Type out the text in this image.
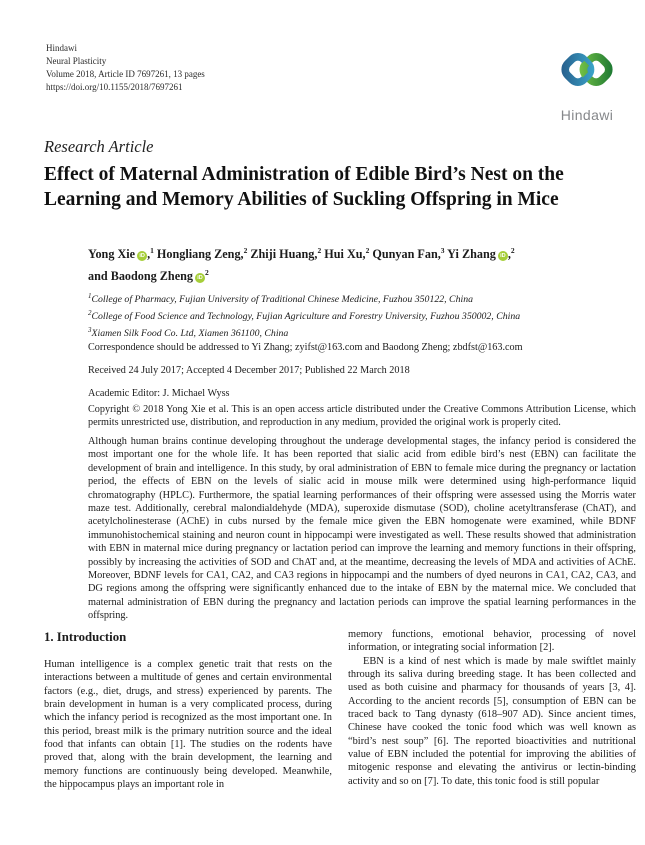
Hindawi
Neural Plasticity
Volume 2018, Article ID 7697261, 13 pages
https://doi.org/10.1155/2018/7697261
Hindawi
Research Article
Effect of Maternal Administration of Edible Bird’s Nest on the Learning and Memory Abilities of Suckling Offspring in Mice
Yong Xie iD ,$^1$ Hongliang Zeng,$^2$ Zhiji Huang,$^2$ Hui Xu,$^2$ Qunyan Fan,$^3$ Yi Zhang iD ,$^2$
and Baodong Zheng $iD^2$
$^1$College of Pharmacy, Fujian University of Traditional Chinese Medicine, Fuzhou 350122, China
$^2$College of Food Science and Technology, Fujian Agriculture and Forestry University, Fuzhou 350002, China
$^3$Xiamen Silk Food Co. Ltd, Xiamen 361100, China
Correspondence should be addressed to Yi Zhang; zyifst@163.com and Baodong Zheng; zbdfst@163.com
Received 24 July 2017; Accepted 4 December 2017; Published 22 March 2018
Academic Editor: J. Michael Wyss
Copyright © 2018 Yong Xie et al. This is an open access article distributed under the Creative Commons Attribution License, which permits unrestricted use, distribution, and reproduction in any medium, provided the original work is properly cited.
Although human brains continue developing throughout the underage developmental stages, the infancy period is considered the most important one for the whole life. It has been reported that sialic acid from edible bird’s nest (EBN) can facilitate the development of brain and intelligence. In this study, by oral administration of EBN to female mice during the pregnancy or lactation period, the effects of EBN on the levels of sialic acid in mouse milk were determined using high-performance liquid chromatography (HPLC). Furthermore, the spatial learning performances of their offspring were assessed using the Morris water maze test. Additionally, cerebral malondialdehyde (MDA), superoxide dismutase (SOD), choline acetyltransferase (ChAT), and acetylcholinesterase (AChE) in cubs nursed by the female mice given the EBN homogenate were examined, while BDNF immunohistochemical staining and neuron count in hippocampi were investigated as well. These results showed that administration with EBN in maternal mice during pregnancy or lactation period can improve the learning and memory functions in their offspring, possibly by increasing the activities of SOD and ChAT and, at the meantime, decreasing the levels of MDA and activities of AChE. Moreover, BDNF levels for CA1, CA2, and CA3 regions in hippocampi and the numbers of dyed neurons in CA1, CA2, CA3, and DG regions among the offspring were significantly enhanced due to the intake of EBN by the maternal mice. We concluded that maternal administration of EBN during the pregnancy and lactation periods can improve the spatial learning performances in the offspring.
1. Introduction

Human intelligence is a complex genetic trait that rests on the interactions between a multitude of genes and certain environmental factors (e.g., diet, drugs, and stress) experienced by parents. The brain development in human is a very complicated process, during which the infancy period is recognized as the most important one. In this period, breast milk is the primary nutrition source and the ideal food that infants can obtain [1]. The studies on the rodents have proved that, along with the brain development, the learning and memory functions are continuously being developed. Meanwhile, the hippocampus plays an important role in

memory functions, emotional behavior, processing of novel information, or integrating social information [2].

EBN is a kind of nest which is made by male swiftlet mainly through its saliva during breeding stage. It has been collected and used as both cuisine and pharmacy for thousands of years [3, 4]. According to the ancient records [5], consumption of EBN can be traced back to Tang dynasty (618–907 AD). Since ancient times, Chinese have cooked the tonic food which was well known as “bird’s nest soup” [6]. The reported bioactivities and nutritional value of EBN included the potential for improving the abilities of mitogenic response and elevating the antivirus or lectin-binding activity and so on [7]. To date, this tonic food is still popular
